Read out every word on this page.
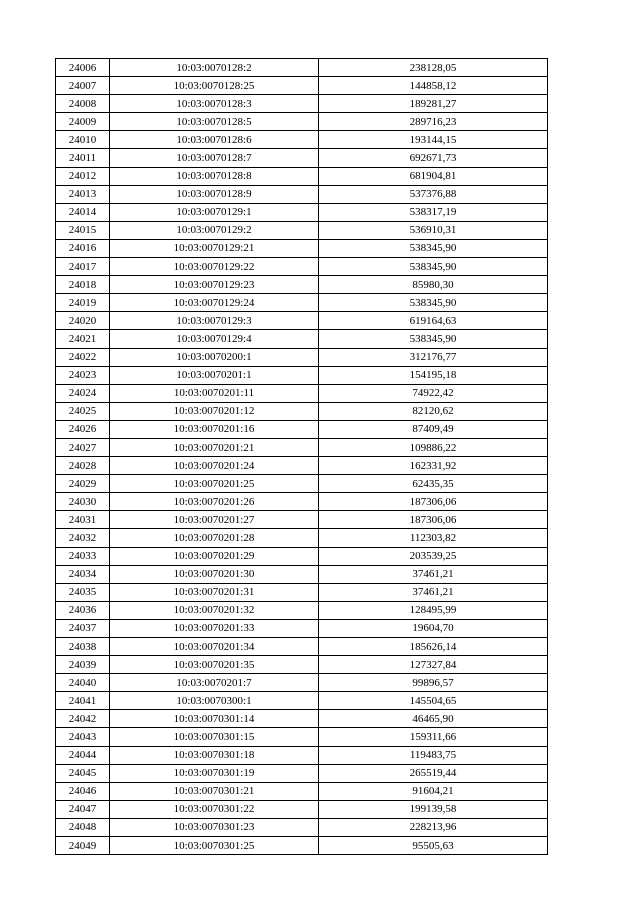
24006	10:03:0070128:2	238128,05
24007	10:03:0070128:25	144858,12
24008	10:03:0070128:3	189281,27
24009	10:03:0070128:5	289716,23
24010	10:03:0070128:6	193144,15
24011	10:03:0070128:7	692671,73
24012	10:03:0070128:8	681904,81
24013	10:03:0070128:9	537376,88
24014	10:03:0070129:1	538317,19
24015	10:03:0070129:2	536910,31
24016	10:03:0070129:21	538345,90
24017	10:03:0070129:22	538345,90
24018	10:03:0070129:23	85980,30
24019	10:03:0070129:24	538345,90
24020	10:03:0070129:3	619164,63
24021	10:03:0070129:4	538345,90
24022	10:03:0070200:1	312176,77
24023	10:03:0070201:1	154195,18
24024	10:03:0070201:11	74922,42
24025	10:03:0070201:12	82120,62
24026	10:03:0070201:16	87409,49
24027	10:03:0070201:21	109886,22
24028	10:03:0070201:24	162331,92
24029	10:03:0070201:25	62435,35
24030	10:03:0070201:26	187306,06
24031	10:03:0070201:27	187306,06
24032	10:03:0070201:28	112303,82
24033	10:03:0070201:29	203539,25
24034	10:03:0070201:30	37461,21
24035	10:03:0070201:31	37461,21
24036	10:03:0070201:32	128495,99
24037	10:03:0070201:33	19604,70
24038	10:03:0070201:34	185626,14
24039	10:03:0070201:35	127327,84
24040	10:03:0070201:7	99896,57
24041	10:03:0070300:1	145504,65
24042	10:03:0070301:14	46465,90
24043	10:03:0070301:15	159311,66
24044	10:03:0070301:18	119483,75
24045	10:03:0070301:19	265519,44
24046	10:03:0070301:21	91604,21
24047	10:03:0070301:22	199139,58
24048	10:03:0070301:23	228213,96
24049	10:03:0070301:25	95505,63
